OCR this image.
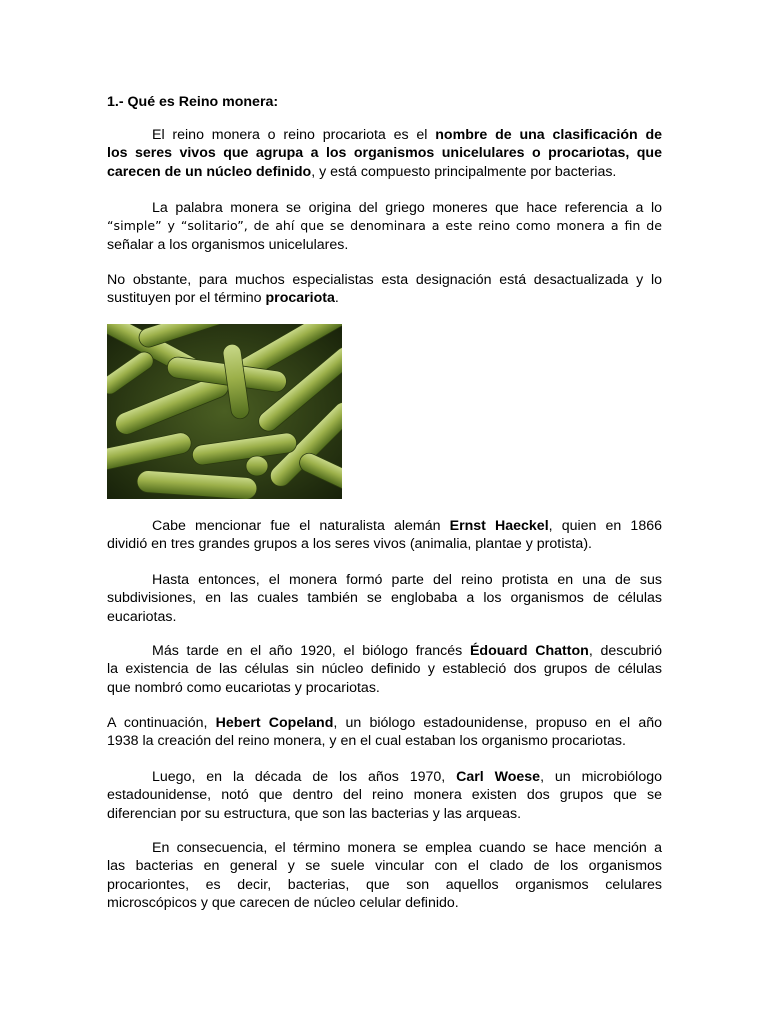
1.- Qué es Reino monera:

El reino monera o reino procariota es el nombre de una clasificación de
los seres vivos que agrupa a los organismos unicelulares o procariotas, que
carecen de un núcleo definido, y está compuesto principalmente por bacterias.
La palabra monera se origina del griego moneres que hace referencia a lo
“simple” y “solitario”, de ahí que se denominara a este reino como monera a fin de
señalar a los organismos unicelulares.
No obstante, para muchos especialistas esta designación está desactualizada y lo
sustituyen por el término procariota.
Cabe mencionar fue el naturalista alemán Ernst Haeckel, quien en 1866
dividió en tres grandes grupos a los seres vivos (animalia, plantae y protista).
Hasta entonces, el monera formó parte del reino protista en una de sus
subdivisiones, en las cuales también se englobaba a los organismos de células
eucariotas.
Más tarde en el año 1920, el biólogo francés Édouard Chatton, descubrió
la existencia de las células sin núcleo definido y estableció dos grupos de células
que nombró como eucariotas y procariotas.
A continuación, Hebert Copeland, un biólogo estadounidense, propuso en el año
1938 la creación del reino monera, y en el cual estaban los organismo procariotas.
Luego, en la década de los años 1970, Carl Woese, un microbiólogo
estadounidense, notó que dentro del reino monera existen dos grupos que se
diferencian por su estructura, que son las bacterias y las arqueas.
En consecuencia, el término monera se emplea cuando se hace mención a
las bacterias en general y se suele vincular con el clado de los organismos
procariontes, es decir, bacterias, que son aquellos organismos celulares
microscópicos y que carecen de núcleo celular definido.
